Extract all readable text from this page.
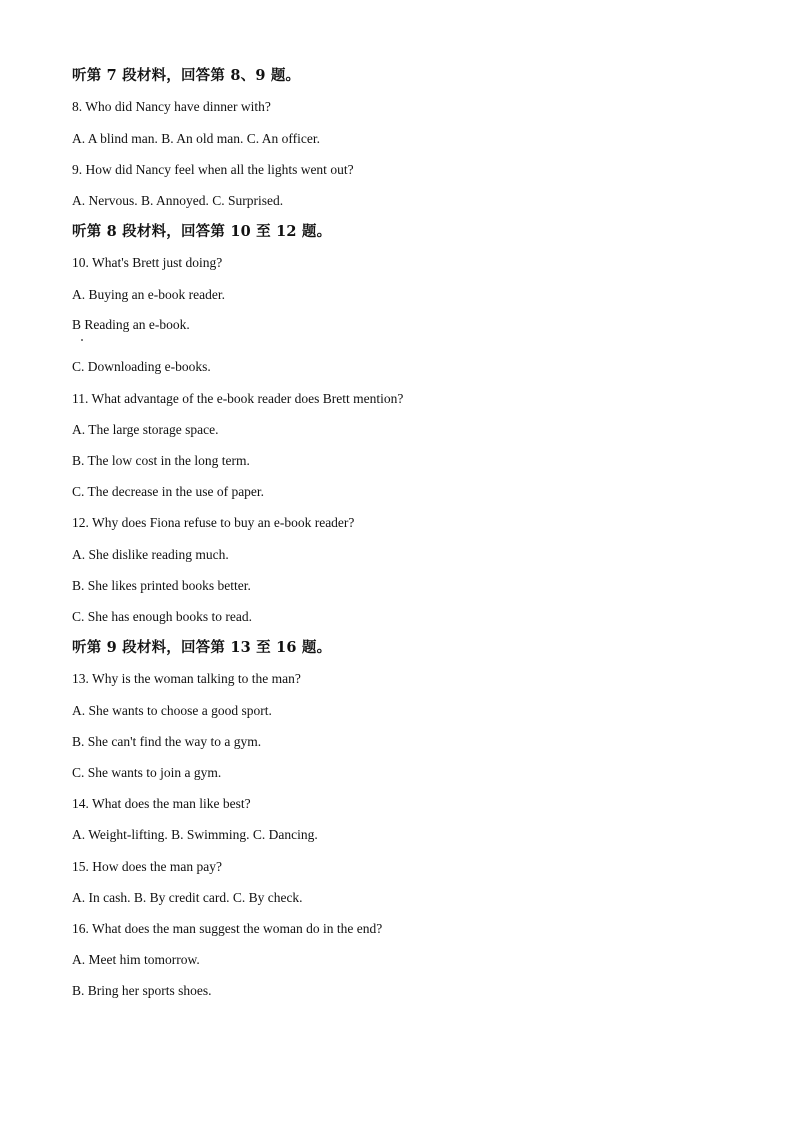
听第 7 段材料，回答第 8、9 题。
8. Who did Nancy have dinner with?
A. A blind man. B. An old man. C. An officer.
9. How did Nancy feel when all the lights went out?
A. Nervous. B. Annoyed. C. Surprised.
听第 8 段材料，回答第 10 至 12 题。
10. What's Brett just doing?
A. Buying an e-book reader.
B Reading an e-book.
C. Downloading e-books.
11. What advantage of the e-book reader does Brett mention?
A. The large storage space.
B. The low cost in the long term.
C. The decrease in the use of paper.
12. Why does Fiona refuse to buy an e-book reader?
A. She dislike reading much.
B. She likes printed books better.
C. She has enough books to read.
听第 9 段材料，回答第 13 至 16 题。
13. Why is the woman talking to the man?
A. She wants to choose a good sport.
B. She can't find the way to a gym.
C. She wants to join a gym.
14. What does the man like best?
A. Weight-lifting. B. Swimming. C. Dancing.
15. How does the man pay?
A. In cash. B. By credit card. C. By check.
16. What does the man suggest the woman do in the end?
A. Meet him tomorrow.
B. Bring her sports shoes.
